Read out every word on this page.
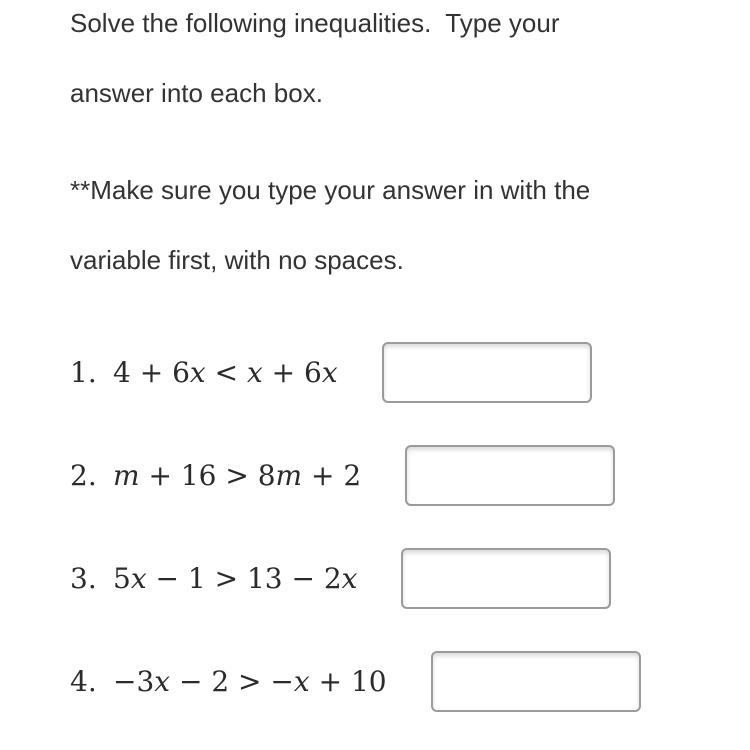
Solve the following inequalities.  Type your
answer into each box.
**Make sure you type your answer in with the
variable first, with no spaces.
1. 4 + 6x < x + 6x
2. m + 16 > 8m + 2
3. 5x − 1 > 13 − 2x
4. −3x − 2 > −x + 10
